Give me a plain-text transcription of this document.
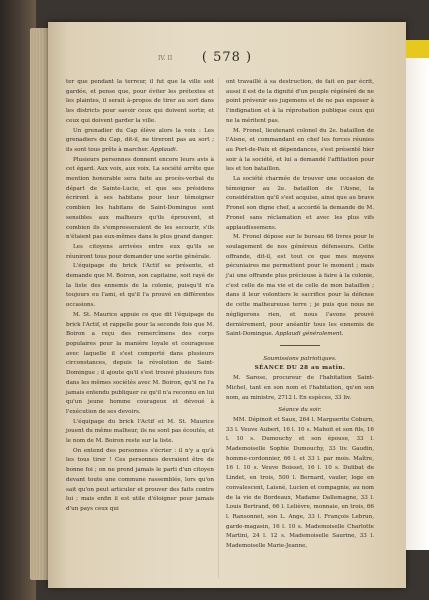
IV. II	( 578 )

ter que pendant la terreur, il fut que la ville soit gardée, et pense que, pour éviter les prétextes et les plaintes, il serait à-propos de tirer au sort dans les districts pour savoir ceux qui doivent sortir, et ceux qui doivent garder la ville.

Un grenadier du Cap élève alors la voix : Les grenadiers du Cap, dit-il, ne tireront pas au sort ; ils sont tous prêts à marcher. Applaudi.

Plusieurs personnes donnent encore leurs avis à cet égard. Aux voix, aux voix. La société arrête que mention honorable sera faite au procès-verbal du départ de Sainte-Lucie, et que ses présidens écriront à ses habitans pour leur témoigner combien les habitans de Saint-Domingue sont sensibles aux malheurs qu'ils éprouvent, et combien ils s'empresseraient de les secourir, s'ils n'étaient pas eux-mêmes dans le plus grand danger.

Les citoyens arrivées entre eux qu'ils se réuniront tous pour demander une sortie générale.

L'équipage du brick l'Actif se présente, et demande que M. Boiron, son capitaine, soit rayé de la liste des ennemis de la colonie, puisqu'il n'a toujours eu l'ami, et qu'il l'a prouvé en différentes occasions.

M. St. Maurice appuie ce que dit l'équipage du brick l'Actif, et rappelle pour la seconde fois que M. Boiron a reçu des remercîmens des corps populaires pour la manière loyale et courageuse avec laquelle il s'est comporté dans plusieurs circonstances, depuis la révolution de Saint-Domingue ; il ajoute qu'il s'est trouvé plusieurs fois dans les mêmes sociétés avec M. Boiron, qu'il ne l'a jamais entendu publiquer ce qu'il n'a reconnu en lui qu'un jeune homme courageux et dévoué à l'exécution de ses devoirs.

L'équipage du brick l'Actif et M. St. Maurice jouent du même malheur, ils ne sont pas écoutés, et le nom de M. Boiron reste sur la liste.

On entend des personnes s'écrier : il n'y a qu'à les tous tirer ! Ces personnes devraient être de bonne foi ; on ne prend jamais le parti d'un citoyen devant toute une commune rassemblée, lors qu'on sait qu'on peut articuler et prouver des faits contre lui ; mais enfin il est utile d'éloigner pour jamais d'un pays ceux qui

ont travaillé à sa destruction, de fait en par écrit, aussi il est de la dignité d'un peuple régénéré de ne point prévenir ses jugemens et de ne pas exposer à l'indignation et à la réprobation publique ceux qui ne la méritent pas.

M. Fronel, lieutenant colonel du 2e. bataillon de l'Aisne, et commandant en chef les forces réunies au Port-de-Paix et dépendances, s'est présenté hier soir à la société, et lui a demandé l'affiliation pour les et ton bataillon.

La société charmée de trouver une occasion de témoigner au 2e. bataillon de l'Aisne, la considération qu'il s'est acquise, ainsi que au brave Fronel son digne chef, a accordé la demande de M. Fronel sans réclamation et avec les plus vifs applaudissemens.

M. Fronel dépose sur le bureau 66 livres pour le soulagement de nos généreux défenseurs. Cette offrande, dit-il, est tout ce que mes moyens pécuniaires me permettent pour le moment ; mais j'ai une offrande plus précieuse à faire à la colonie, c'est celle de ma vie et de celle de mon bataillon ; dans il leur volontiers le sacrifice pour la défense de cette malheureuse terre ; je puis que nous ne négligerons rien, et nous l'avons prouvé dernièrement, pour anéantir tous les ennemis de Saint-Domingue. Applaudi généralement.

Soumissions patriotiques.

SÉANCE DU 28 au matin.

M. Sarose, procureur de l'habitation Saint-Michel, tant en son nom et l'habitation, qu'en son nom, au ministre, 2712 l. En espèces, 33 liv.

Séance du soir.

MM. Dépinoit et Saux, 264 l. Marguerite Coburn, 33 l. Veuve Aubert, 16 l. 10 s. Mahoit et son fils, 16 l. 10 s. Dumouchy et son épouse, 33 l. Mademoiselle Sophie Dumouchy, 33 liv. Gaudin, homme-cordonnier, 66 l. et 33 l. par mois. Maître, 16 l. 10 s. Veuve Boisset, 16 l. 10 s. Dulibat de Lindet, en trois, 500 l. Bernard, vauler, loge en convalescent, Laisné, Lucien et compagnie, au nom de la vie de Bordeaux, Madame Dallemagne, 33 l. Louis Bertrand, 66 l. Lelièvre, monnaie, en trois, 66 l. Ransonnet, son L. Ange, 33 l. François Lebrun, garde-magasin, 16 l. 10 s. Mademoiselle Charlotte Martini, 24 l. 12 s. Mademoiselle Saurine, 33 l. Mademoiselle Marie-Jeanne,
